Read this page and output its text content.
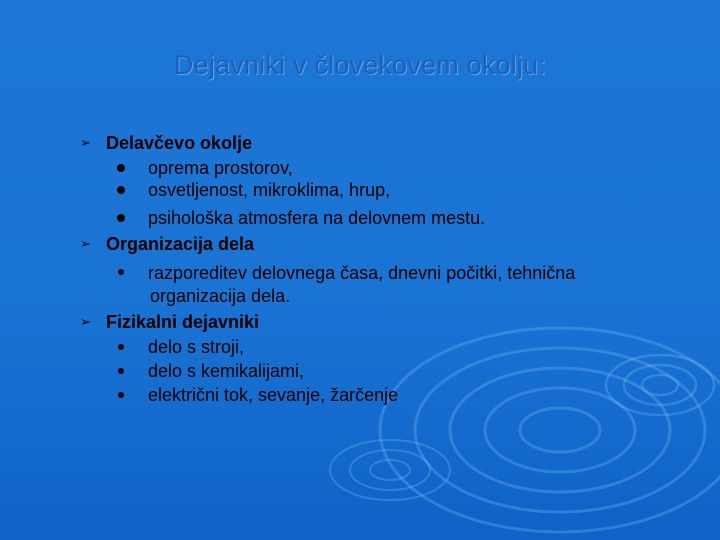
Dejavniki v človekovem okolju:
➢ Delavčevo okolje
oprema prostorov,
osvetljenost, mikroklima, hrup,
psihološka atmosfera na delovnem mestu.
➢ Organizacija dela
razporeditev delovnega časa, dnevni počitki, tehnična
organizacija dela.
➢ Fizikalni dejavniki
delo s stroji,
delo s kemikalijami,
električni tok, sevanje, žarčenje
